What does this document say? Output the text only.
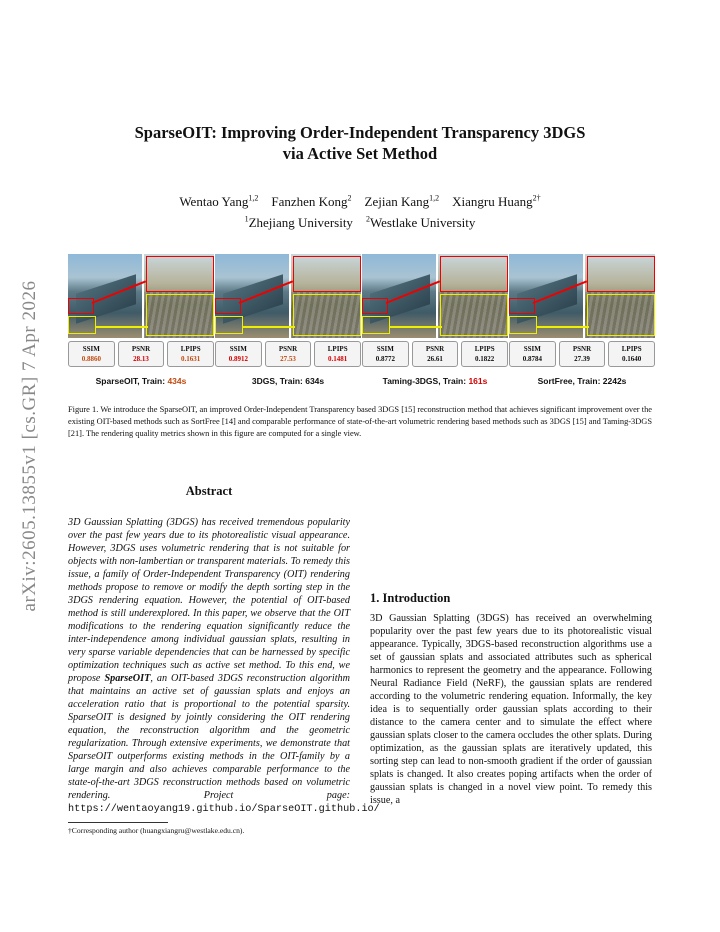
arXiv:2605.13855v1 [cs.GR] 7 Apr 2026
SparseOIT: Improving Order-Independent Transparency 3DGS
via Active Set Method
Wentao Yang$^{1,2}$ Fanzhen Kong$^2$ Zejian Kang$^{1,2}$ Xiangru Huang$^{2\dagger}$
$^1$Zhejiang University $^2$Westlake University
SSIM
0.8860
PSNR
28.13
LPIPS
0.1631
SparseOIT, Train: 434s
SSIM
0.8912
PSNR
27.53
LPIPS
0.1481
3DGS, Train: 634s
SSIM
0.8772
PSNR
26.61
LPIPS
0.1822
Taming-3DGS, Train: 161s
SSIM
0.8784
PSNR
27.39
LPIPS
0.1640
SortFree, Train: 2242s
Figure 1. We introduce the SparseOIT, an improved Order-Independent Transparency based 3DGS [15] reconstruction method that achieves significant improvement over the existing OIT-based methods such as SortFree [14] and comparable performance of state-of-the-art volumetric rendering based methods such as 3DGS [15] and Taming-3DGS [21]. The rendering quality metrics shown in this figure are computed for a single view.
Abstract
3D Gaussian Splatting (3DGS) has received tremendous popularity over the past few years due to its photorealistic visual appearance. However, 3DGS uses volumetric rendering that is not suitable for objects with non-lambertian or transparent materials. To remedy this issue, a family of Order-Independent Transparency (OIT) rendering methods propose to remove or modify the depth sorting step in the 3DGS rendering equation. However, the potential of OIT-based method is still underexplored. In this paper, we observe that the OIT modifications to the rendering equation significantly reduce the inter-independence among individual gaussian splats, resulting in very sparse variable dependencies that can be harnessed by specific optimization techniques such as active set method. To this end, we propose SparseOIT, an OIT-based 3DGS reconstruction algorithm that maintains an active set of gaussian splats and enjoys an acceleration ratio that is proportional to the potential sparsity. SparseOIT is designed by jointly considering the OIT rendering equation, the reconstruction algorithm and the geometric regularization. Through extensive experiments, we demonstrate that SparseOIT outperforms existing methods in the OIT-family by a large margin and also achieves comparable performance to the state-of-the-art 3DGS reconstruction methods based on volumetric rendering. Project page: https://wentaoyang19.github.io/SparseOIT.github.io/
1. Introduction
3D Gaussian Splatting (3DGS) has received an overwhelming popularity over the past few years due to its photorealistic visual appearance. Typically, 3DGS-based reconstruction algorithms use a set of gaussian splats and associated attributes such as spherical harmonics to represent the geometry and the appearance. Following Neural Radiance Field (NeRF), the gaussian splats are rendered according to the volumetric rendering equation. Informally, the key idea is to sequentially order gaussian splats according to their distance to the camera center and to simulate the effect where gaussian splats closer to the camera occludes the other splats. During optimization, as the gaussian splats are iteratively updated, this sorting step can lead to non-smooth gradient if the order of gaussian splats is changed. It also creates poping artifacts when the order of gaussian splats is changed in a novel view point. To remedy this issue, a
†Corresponding author (huangxiangru@westlake.edu.cn).
